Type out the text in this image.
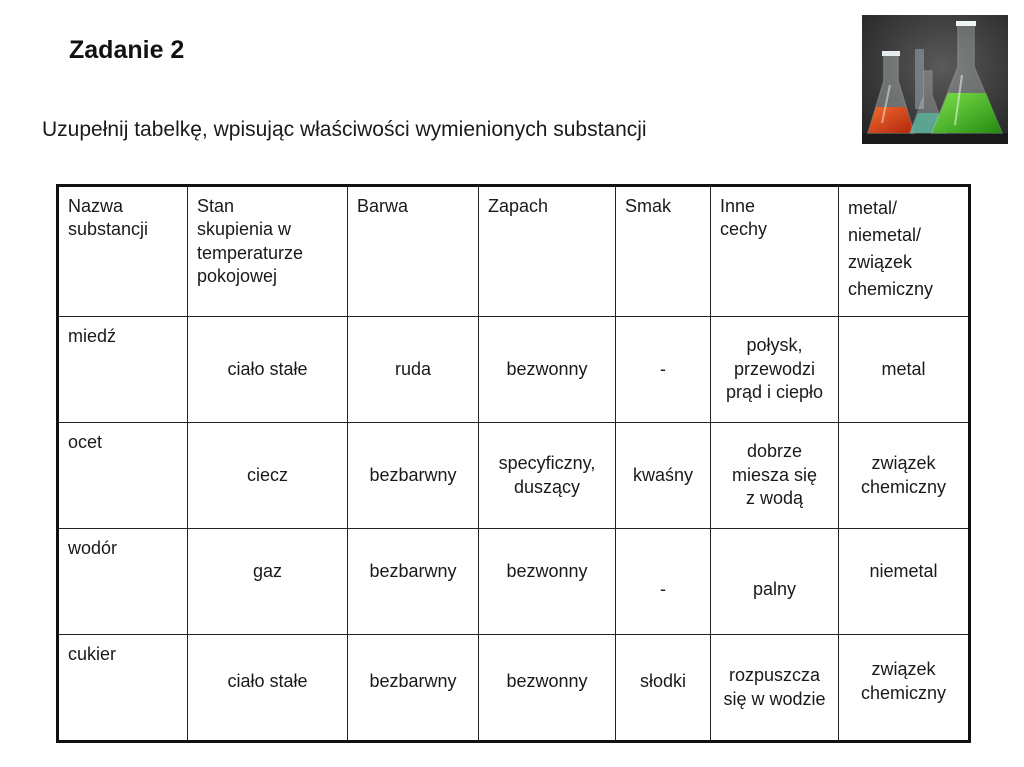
Zadanie 2

Uzupełnij tabelkę, wpisując właściwości wymienionych substancji

Nazwa
substancji	Stan
skupienia w
temperaturze
pokojowej	Barwa	Zapach	Smak	Inne
cechy	metal/
niemetal/
związek
chemiczny

miedź	ciało stałe	ruda	bezwonny	-	połysk,
przewodzi
prąd i ciepło	metal

ocet	ciecz	bezbarwny	specyficzny,
duszący	kwaśny	dobrze
miesza się
z wodą	związek
chemiczny

wodór	gaz	bezbarwny	bezwonny	-	palny	niemetal

cukier	ciało stałe	bezbarwny	bezwonny	słodki	rozpuszcza
się w wodzie	związek
chemiczny
